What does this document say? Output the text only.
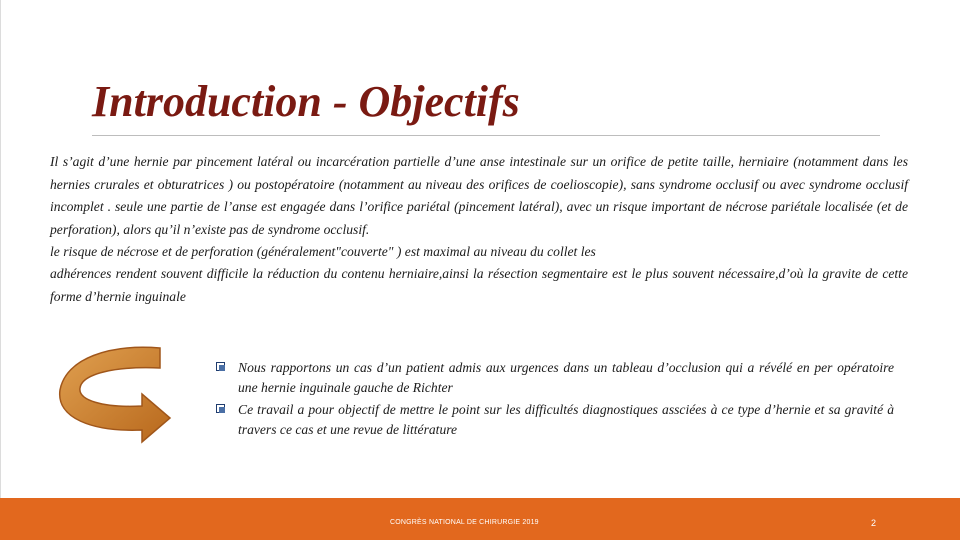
Introduction - Objectifs

Il s’agit d’une hernie par pincement latéral ou incarcération partielle d’une anse intestinale sur un orifice de petite taille, herniaire (notamment dans les hernies crurales et obturatrices ) ou postopératoire (notamment au niveau des orifices de coelioscopie), sans syndrome occlusif ou avec syndrome occlusif incomplet . seule une partie de l’anse est engagée dans l’orifice pariétal (pincement latéral), avec un risque important de nécrose pariétale localisée (et de perforation), alors qu’il n’existe pas de syndrome occlusif.

le risque de nécrose et de perforation (généralement"couverte" ) est maximal au niveau du collet les

adhérences rendent souvent difficile la réduction du contenu herniaire,ainsi la résection segmentaire est le plus souvent nécessaire,d’où la gravite de cette forme d’hernie inguinale

Nous rapportons un cas d’un patient admis aux urgences dans un tableau d’occlusion qui a révélé en per opératoire une hernie inguinale gauche de Richter
Ce travail a pour objectif de mettre le point sur les difficultés diagnostiques assciées à ce type d’hernie et sa gravité à travers ce cas et une revue de littérature
CONGRÈS NATIONAL DE CHIRURGIE 2019	2
